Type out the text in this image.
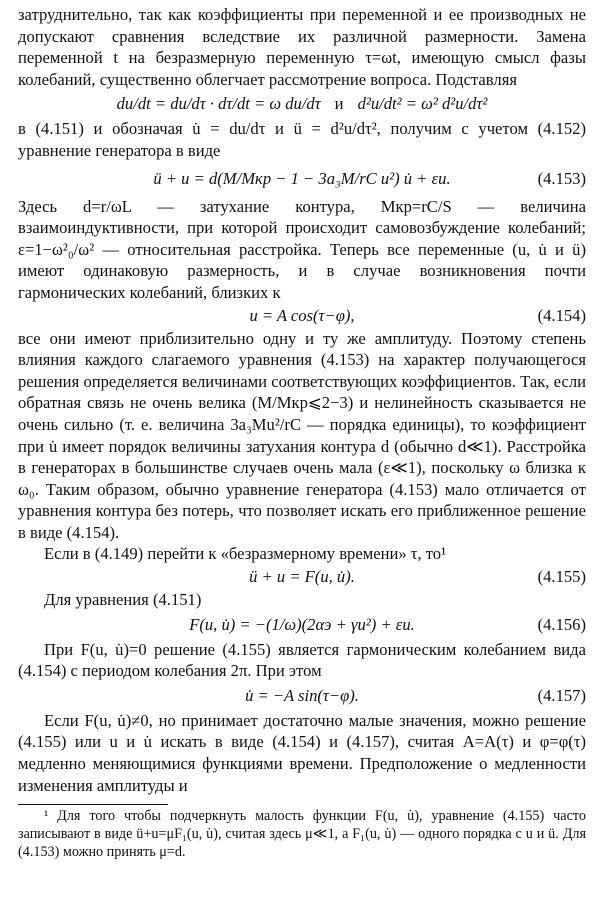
затруднительно, так как коэффициенты при переменной и ее производных не допускают сравнения вследствие их различной размерности. Замена переменной t на безразмерную переменную τ=ωt, имеющую смысл фазы колебаний, существенно облегчает рассмотрение вопроса. Подставляя

du/dt = du/dτ · dτ/dt = ω du/dτ и d²u/dt² = ω² d²u/dτ²

в (4.151) и обозначая u̇ = du/dτ и ü = d²u/dτ², получим с учетом (4.152) уравнение генератора в виде

ü + u = d(M/Mкр − 1 − 3a₃M/rC u²) u̇ + εu.	(4.153)

Здесь d=r/ωL — затухание контура, Mкр=rC/S — величина взаимоиндуктивности, при которой происходит самовозбуждение колебаний; ε=1−ω²₀/ω² — относительная расстройка. Теперь все переменные (u, u̇ и ü) имеют одинаковую размерность, и в случае возникновения почти гармонических колебаний, близких к

u = A cos(τ−φ),	(4.154)

все они имеют приблизительно одну и ту же амплитуду. Поэтому степень влияния каждого слагаемого уравнения (4.153) на характер получающегося решения определяется величинами соответствующих коэффициентов. Так, если обратная связь не очень велика (M/Mкр⩽2−3) и нелинейность сказывается не очень сильно (т. е. величина 3a₃Mu²/rC — порядка единицы), то коэффициент при u̇ имеет порядок величины затухания контура d (обычно d≪1). Расстройка в генераторах в большинстве случаев очень мала (ε≪1), поскольку ω близка к ω₀. Таким образом, обычно уравнение генератора (4.153) мало отличается от уравнения контура без потерь, что позволяет искать его приближенное решение в виде (4.154).

Если в (4.149) перейти к «безразмерному времени» τ, то¹

ü + u = F(u, u̇).	(4.155)

Для уравнения (4.151)

F(u, u̇) = −(1/ω)(2αэ + γu²) + εu.	(4.156)

При F(u, u̇)=0 решение (4.155) является гармоническим колебанием вида (4.154) с периодом колебания 2π. При этом

u̇ = −A sin(τ−φ).	(4.157)

Если F(u, u̇)≠0, но принимает достаточно малые значения, можно решение (4.155) или u и u̇ искать в виде (4.154) и (4.157), считая A=A(τ) и φ=φ(τ) медленно меняющимися функциями времени. Предположение о медленности изменения амплитуды и

¹ Для того чтобы подчеркнуть малость функции F(u, u̇), уравнение (4.155) часто записывают в виде ü+u=μF₁(u, u̇), считая здесь μ≪1, а F₁(u, u̇) — одного порядка с u и ü. Для (4.153) можно принять μ=d.
